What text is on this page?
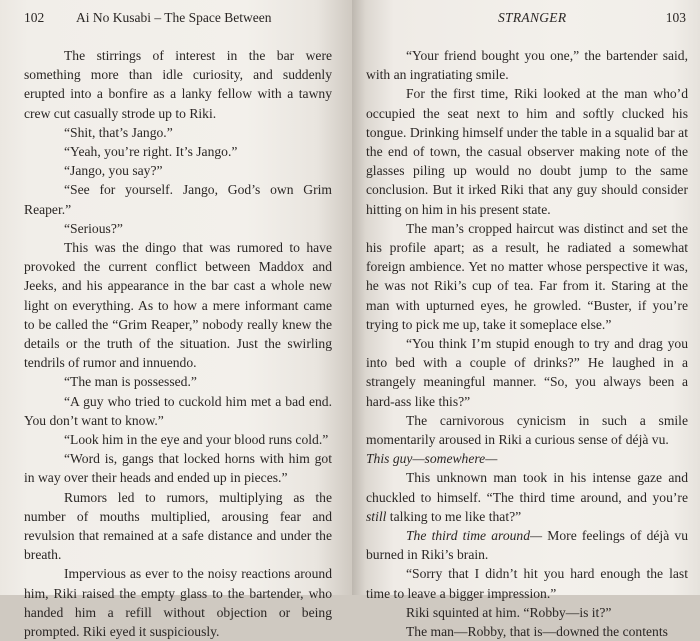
102 Ai No Kusabi – The Space Between

The stirrings of interest in the bar were something more than idle curiosity, and suddenly erupted into a bonfire as a lanky fellow with a tawny crew cut casually strode up to Riki.

“Shit, that’s Jango.”

“Yeah, you’re right. It’s Jango.”

“Jango, you say?”

“See for yourself. Jango, God’s own Grim Reaper.”

“Serious?”

This was the dingo that was rumored to have provoked the current conflict between Maddox and Jeeks, and his appearance in the bar cast a whole new light on everything. As to how a mere informant came to be called the “Grim Reaper,” nobody really knew the details or the truth of the situation. Just the swirling tendrils of rumor and innuendo.

“The man is possessed.”

“A guy who tried to cuckold him met a bad end. You don’t want to know.”

“Look him in the eye and your blood runs cold.”

“Word is, gangs that locked horns with him got in way over their heads and ended up in pieces.”

Rumors led to rumors, multiplying as the number of mouths multiplied, arousing fear and revulsion that remained at a safe distance and under the breath.

Impervious as ever to the noisy reactions around him, Riki raised the empty glass to the bartender, who handed him a refill without objection or being prompted. Riki eyed it suspiciously.

STRANGER	103

“Your friend bought you one,” the bartender said, with an ingratiating smile.

For the first time, Riki looked at the man who’d occupied the seat next to him and softly clucked his tongue. Drinking himself under the table in a squalid bar at the end of town, the casual observer making note of the glasses piling up would no doubt jump to the same conclusion. But it irked Riki that any guy should consider hitting on him in his present state.

The man’s cropped haircut was distinct and set the his profile apart; as a result, he radiated a somewhat foreign ambience. Yet no matter whose perspective it was, he was not Riki’s cup of tea. Far from it. Staring at the man with upturned eyes, he growled. “Buster, if you’re trying to pick me up, take it someplace else.”

“You think I’m stupid enough to try and drag you into bed with a couple of drinks?” He laughed in a strangely meaningful manner. “So, you always been a hard-ass like this?”

The carnivorous cynicism in such a smile momentarily aroused in Riki a curious sense of déjà vu.

This guy—somewhere—

This unknown man took in his intense gaze and chuckled to himself. “The third time around, and you’re still talking to me like that?”

The third time around— More feelings of déjà vu burned in Riki’s brain.

“Sorry that I didn’t hit you hard enough the last time to leave a bigger impression.”

Riki squinted at him. “Robby—is it?”

The man—Robby, that is—downed the contents
